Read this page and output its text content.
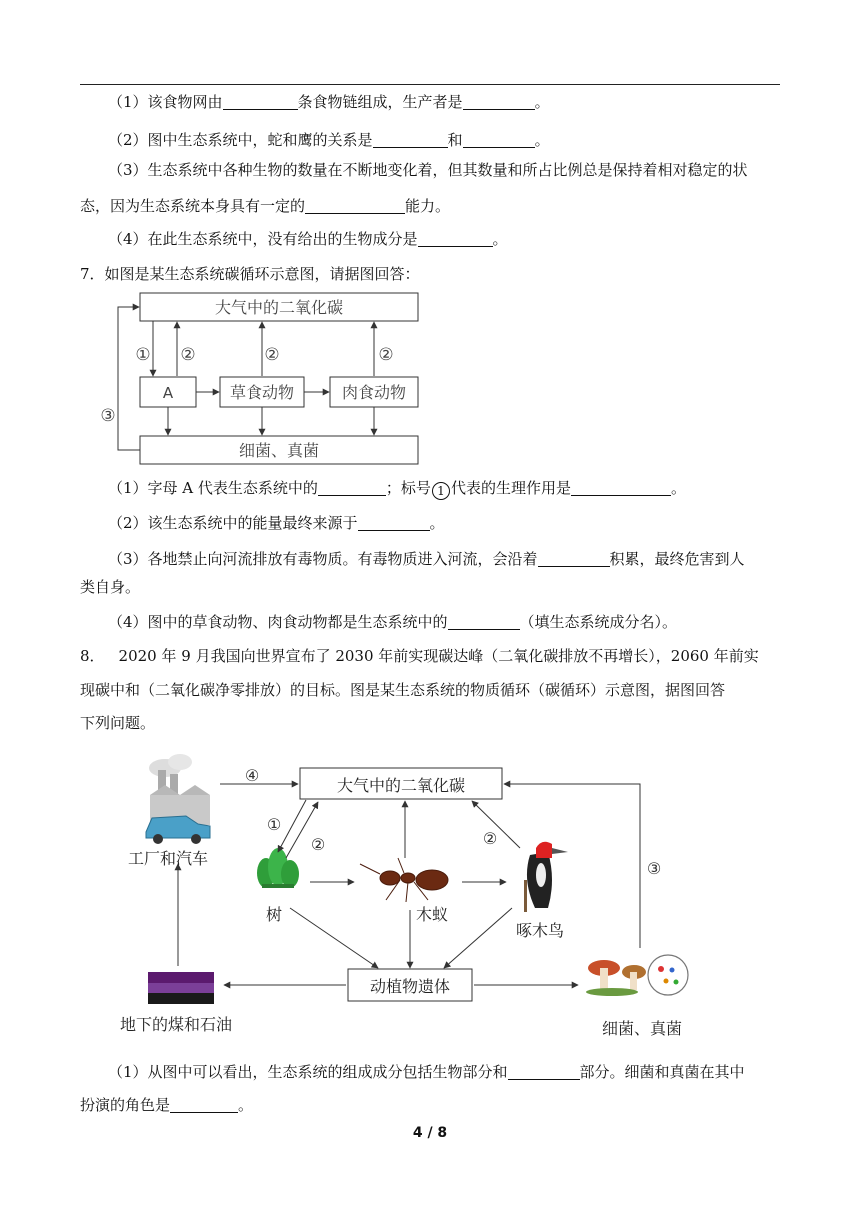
（1）该食物网由	条食物链组成，生产者是	。
（2）图中生态系统中，蛇和鹰的关系是	和	。
（3）生态系统中各种生物的数量在不断地变化着，但其数量和所占比例总是保持着相对稳定的状
态，因为生态系统本身具有一定的	能力。
（4）在此生态系统中，没有给出的生物成分是	。
7．如图是某生态系统碳循环示意图，请据图回答：
大气中的二氧化碳
A	草食动物	肉食动物
细菌、真菌
① ②	②	②
③
（1）字母 A 代表生态系统中的	；标号 1 代表的生理作用是	。
（2）该生态系统中的能量最终来源于	。
（3）各地禁止向河流排放有毒物质。有毒物质进入河流，会沿着	积累，最终危害到人
类自身。
（4）图中的草食动物、肉食动物都是生态系统中的	（填生态系统成分名）。
8． 2020 年 9 月我国向世界宣布了 2030 年前实现碳达峰（二氧化碳排放不再增长），2060 年前实
现碳中和（二氧化碳净零排放）的目标。图是某生态系统的物质循环（碳循环）示意图，据图回答
下列问题。
大气中的二氧化碳
动植物遗体
工厂和汽车
树	木蚁
啄木鸟
地下的煤和石油	细菌、真菌
④
①
②	②
③
（1）从图中可以看出，生态系统的组成成分包括生物部分和	部分。细菌和真菌在其中
扮演的角色是	。
4 / 8
